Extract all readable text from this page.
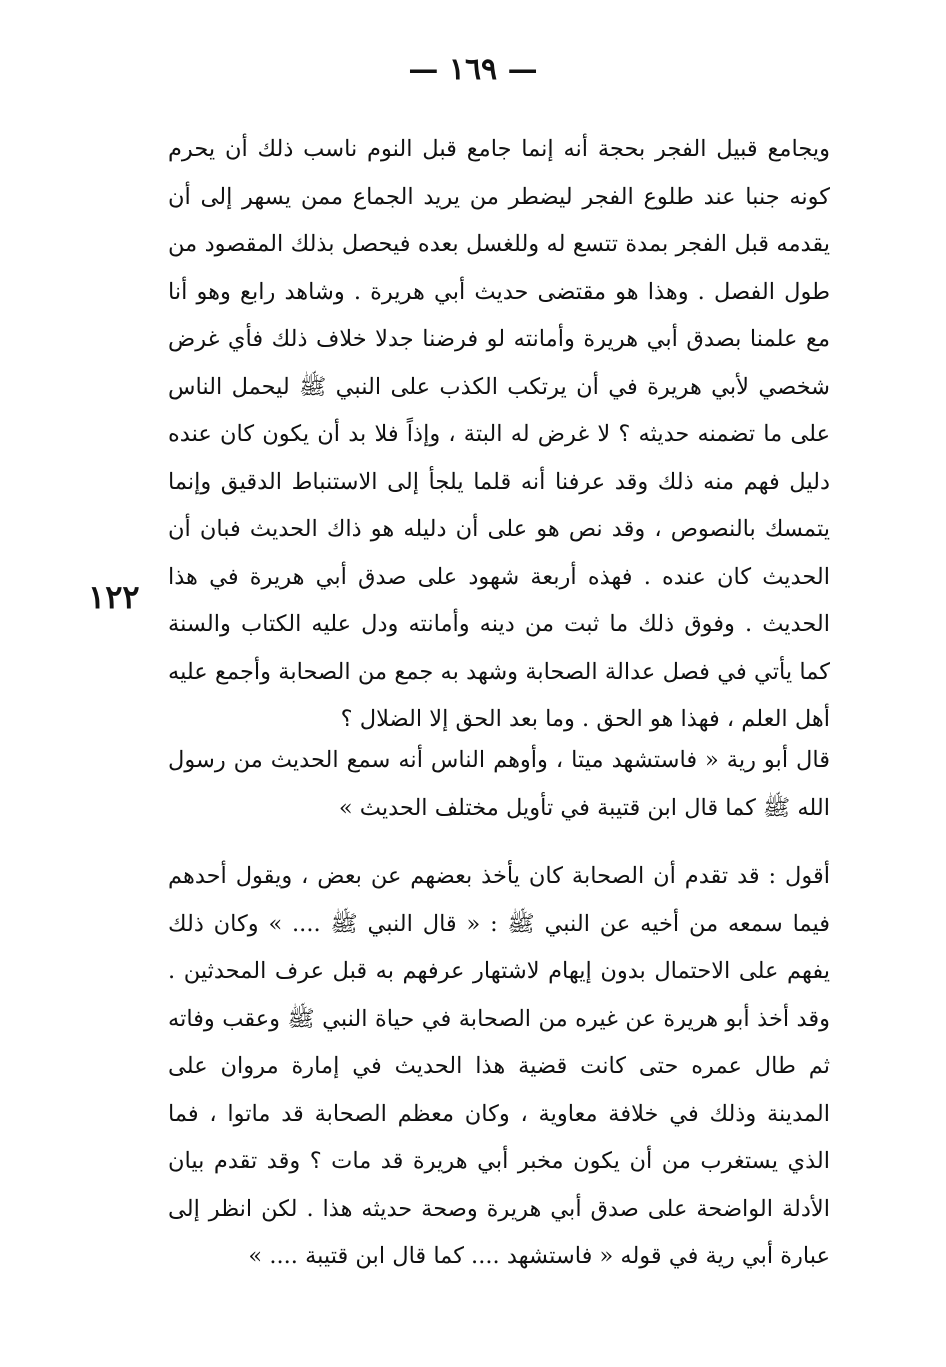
— ١٦٩ —
١٢٢
ويجامع قبيل الفجر بحجة أنه إنما جامع قبل النوم ناسب ذلك أن يحرم كونه جنبا عند طلوع الفجر ليضطر من يريد الجماع ممن يسهر إلى أن يقدمه قبل الفجر بمدة تتسع له وللغسل بعده فيحصل بذلك المقصود من طول الفصل . وهذا هو مقتضى حديث أبي هريرة . وشاهد رابع وهو أنا مع علمنا بصدق أبي هريرة وأمانته لو فرضنا جدلا خلاف ذلك فأي غرض شخصي لأبي هريرة في أن يرتكب الكذب على النبي ﷺ ليحمل الناس على ما تضمنه حديثه ؟ لا غرض له البتة ، وإذاً فلا بد أن يكون كان عنده دليل فهم منه ذلك وقد عرفنا أنه قلما يلجأ إلى الاستنباط الدقيق وإنما يتمسك بالنصوص ، وقد نص هو على أن دليله هو ذاك الحديث فبان أن الحديث كان عنده . فهذه أربعة شهود على صدق أبي هريرة في هذا الحديث . وفوق ذلك ما ثبت من دينه وأمانته ودل عليه الكتاب والسنة كما يأتي في فصل عدالة الصحابة وشهد به جمع من الصحابة وأجمع عليه أهل العلم ، فهذا هو الحق . وما بعد الحق إلا الضلال ؟
قال أبو رية « فاستشهد ميتا ، وأوهم الناس أنه سمع الحديث من رسول الله ﷺ كما قال ابن قتيبة في تأويل مختلف الحديث »
أقول : قد تقدم أن الصحابة كان يأخذ بعضهم عن بعض ، ويقول أحدهم فيما سمعه من أخيه عن النبي ﷺ : « قال النبي ﷺ .... » وكان ذلك يفهم على الاحتمال بدون إيهام لاشتهار عرفهم به قبل عرف المحدثين . وقد أخذ أبو هريرة عن غيره من الصحابة في حياة النبي ﷺ وعقب وفاته ثم طال عمره حتى كانت قضية هذا الحديث في إمارة مروان على المدينة وذلك في خلافة معاوية ، وكان معظم الصحابة قد ماتوا ، فما الذي يستغرب من أن يكون مخبر أبي هريرة قد مات ؟ وقد تقدم بيان الأدلة الواضحة على صدق أبي هريرة وصحة حديثه هذا . لكن انظر إلى عبارة أبي رية في قوله « فاستشهد .... كما قال ابن قتيبة .... »
